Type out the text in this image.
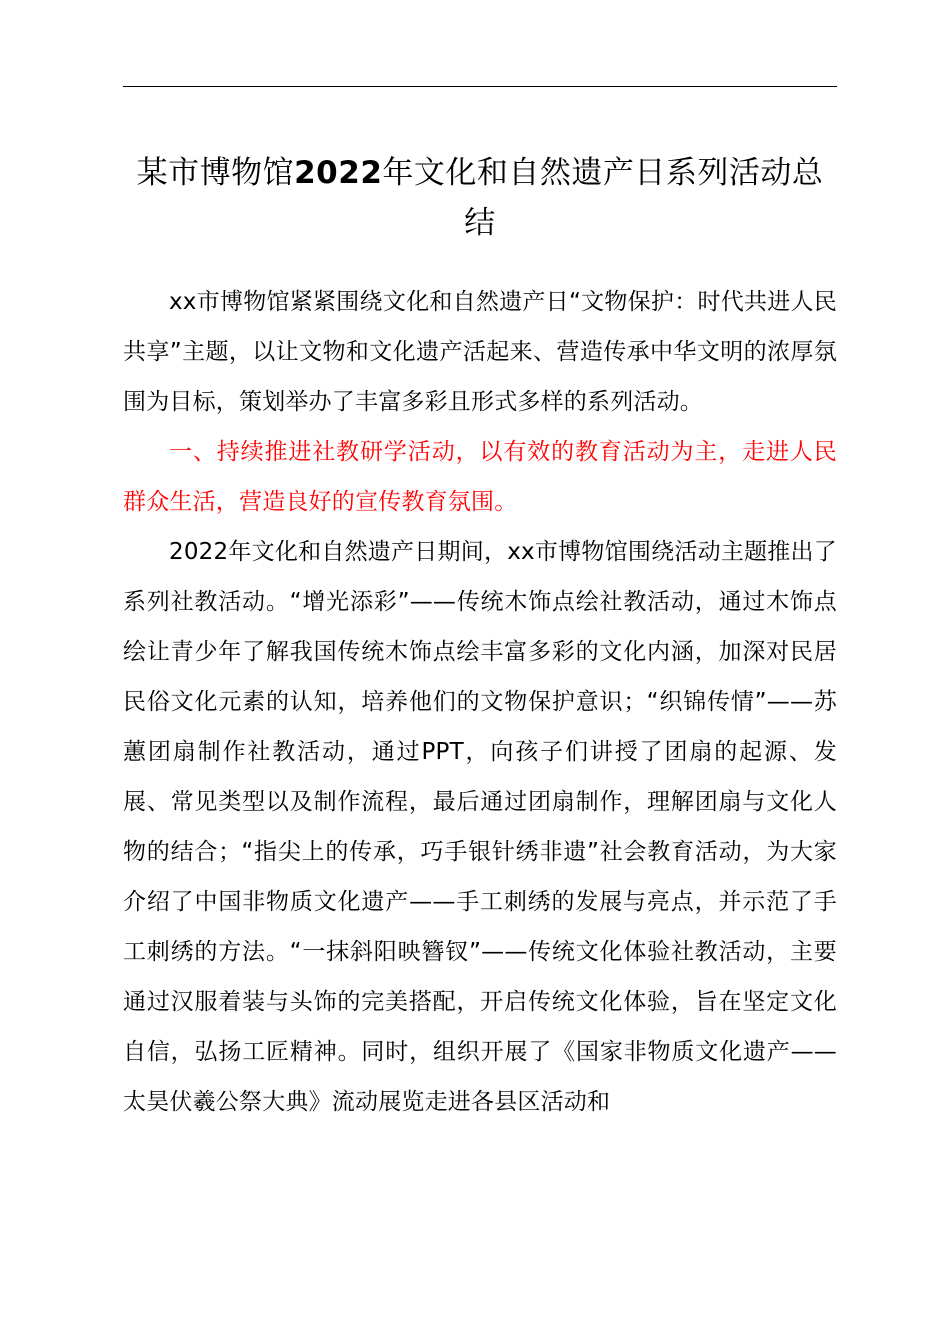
某市博物馆2022年文化和自然遗产日系列活动总结

xx市博物馆紧紧围绕文化和自然遗产日“文物保护：时代共进人民共享”主题，以让文物和文化遗产活起来、营造传承中华文明的浓厚氛围为目标，策划举办了丰富多彩且形式多样的系列活动。

一、持续推进社教研学活动，以有效的教育活动为主，走进人民群众生活，营造良好的宣传教育氛围。

2022年文化和自然遗产日期间，xx市博物馆围绕活动主题推出了系列社教活动。“增光添彩”——传统木饰点绘社教活动，通过木饰点绘让青少年了解我国传统木饰点绘丰富多彩的文化内涵，加深对民居民俗文化元素的认知，培养他们的文物保护意识；“织锦传情”——苏蕙团扇制作社教活动，通过PPT，向孩子们讲授了团扇的起源、发展、常见类型以及制作流程，最后通过团扇制作，理解团扇与文化人物的结合；“指尖上的传承，巧手银针绣非遗”社会教育活动，为大家介绍了中国非物质文化遗产——手工刺绣的发展与亮点，并示范了手工刺绣的方法。“一抹斜阳映簪钗”——传统文化体验社教活动，主要通过汉服着装与头饰的完美搭配，开启传统文化体验，旨在坚定文化自信，弘扬工匠精神。同时，组织开展了《国家非物质文化遗产——太昊伏羲公祭大典》流动展览走进各县区活动和
